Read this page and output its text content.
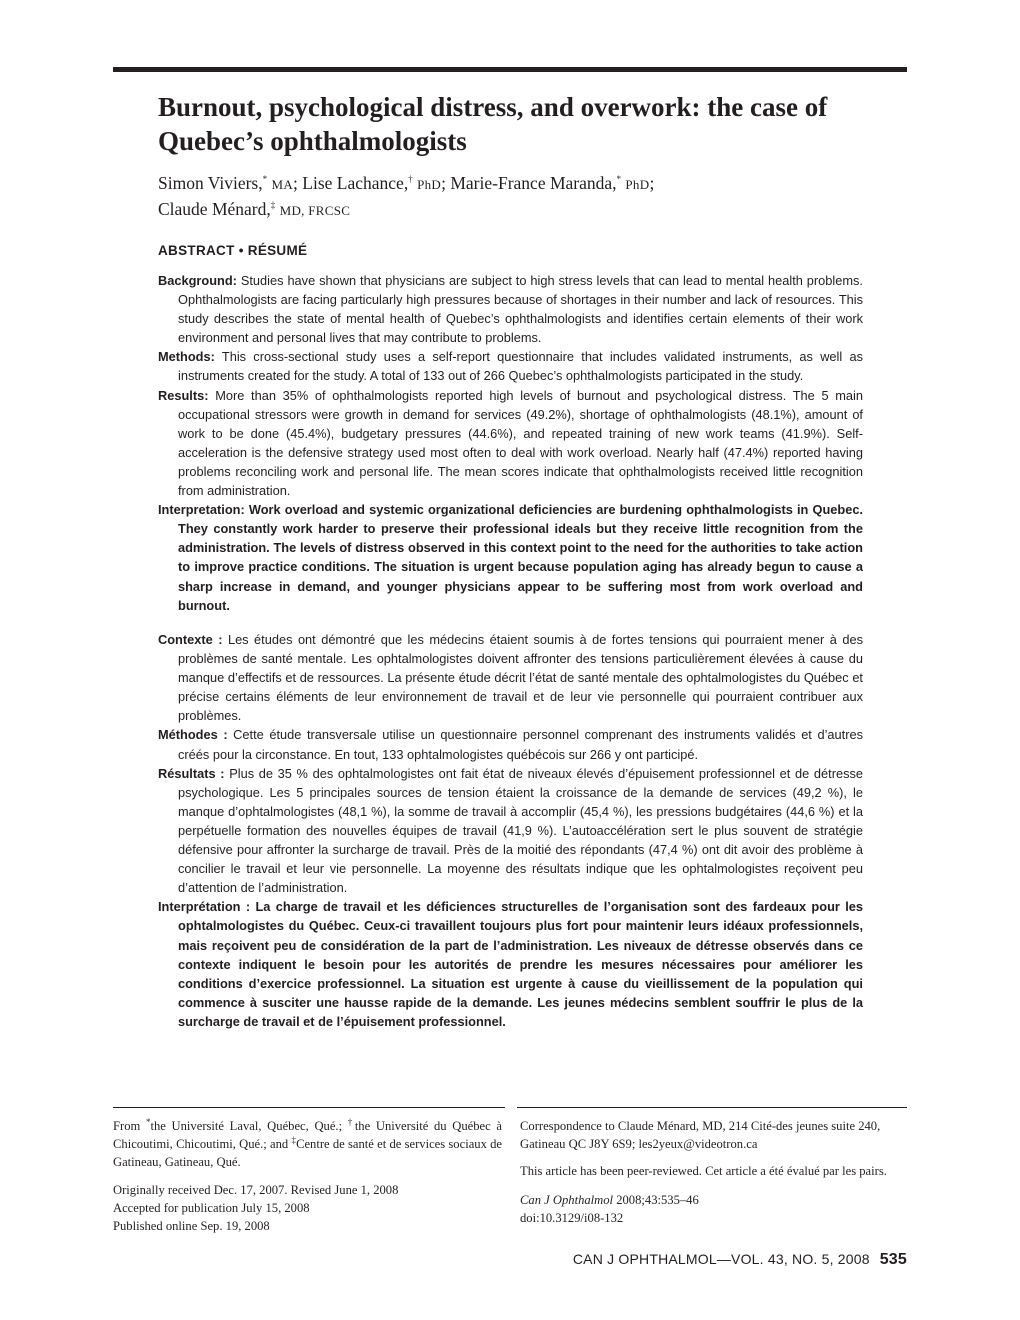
Burnout, psychological distress, and overwork: the case of Quebec’s ophthalmologists
Simon Viviers,* MA; Lise Lachance,† PhD; Marie-France Maranda,* PhD;
Claude Ménard,‡ MD, FRCSC
ABSTRACT • RÉSUMÉ

Background: Studies have shown that physicians are subject to high stress levels that can lead to mental health problems. Ophthalmologists are facing particularly high pressures because of shortages in their number and lack of resources. This study describes the state of mental health of Quebec’s ophthalmologists and identifies certain elements of their work environment and personal lives that may contribute to problems.

Methods: This cross-sectional study uses a self-report questionnaire that includes validated instruments, as well as instruments created for the study. A total of 133 out of 266 Quebec’s ophthalmologists participated in the study.

Results: More than 35% of ophthalmologists reported high levels of burnout and psychological distress. The 5 main occupational stressors were growth in demand for services (49.2%), shortage of ophthalmologists (48.1%), amount of work to be done (45.4%), budgetary pressures (44.6%), and repeated training of new work teams (41.9%). Self-acceleration is the defensive strategy used most often to deal with work overload. Nearly half (47.4%) reported having problems reconciling work and personal life. The mean scores indicate that ophthalmologists received little recognition from administration.

Interpretation: Work overload and systemic organizational deficiencies are burdening ophthalmologists in Quebec. They constantly work harder to preserve their professional ideals but they receive little recognition from the administration. The levels of distress observed in this context point to the need for the authorities to take action to improve practice conditions. The situation is urgent because population aging has already begun to cause a sharp increase in demand, and younger physicians appear to be suffering most from work overload and burnout.

Contexte : Les études ont démontré que les médecins étaient soumis à de fortes tensions qui pourraient mener à des problèmes de santé mentale. Les ophtalmologistes doivent affronter des tensions particulièrement élevées à cause du manque d’effectifs et de ressources. La présente étude décrit l’état de santé mentale des ophtalmologistes du Québec et précise certains éléments de leur environnement de travail et de leur vie personnelle qui pourraient contribuer aux problèmes.

Méthodes : Cette étude transversale utilise un questionnaire personnel comprenant des instruments validés et d’autres créés pour la circonstance. En tout, 133 ophtalmologistes québécois sur 266 y ont participé.

Résultats : Plus de 35 % des ophtalmologistes ont fait état de niveaux élevés d’épuisement professionnel et de détresse psychologique. Les 5 principales sources de tension étaient la croissance de la demande de services (49,2 %), le manque d’ophtalmologistes (48,1 %), la somme de travail à accomplir (45,4 %), les pressions budgétaires (44,6 %) et la perpétuelle formation des nouvelles équipes de travail (41,9 %). L’autoaccélération sert le plus souvent de stratégie défensive pour affronter la surcharge de travail. Près de la moitié des répondants (47,4 %) ont dit avoir des problème à concilier le travail et leur vie personnelle. La moyenne des résultats indique que les ophtalmologistes reçoivent peu d’attention de l’administration.

Interprétation : La charge de travail et les déficiences structurelles de l’organisation sont des fardeaux pour les ophtalmologistes du Québec. Ceux-ci travaillent toujours plus fort pour maintenir leurs idéaux professionnels, mais reçoivent peu de considération de la part de l’administration. Les niveaux de détresse observés dans ce contexte indiquent le besoin pour les autorités de prendre les mesures nécessaires pour améliorer les conditions d’exercice professionnel. La situation est urgente à cause du vieillissement de la population qui commence à susciter une hausse rapide de la demande. Les jeunes médecins semblent souffrir le plus de la surcharge de travail et de l’épuisement professionnel.

From *the Université Laval, Québec, Qué.; †the Université du Québec à Chicoutimi, Chicoutimi, Qué.; and ‡Centre de santé et de services sociaux de Gatineau, Gatineau, Qué.

Originally received Dec. 17, 2007. Revised June 1, 2008

Accepted for publication July 15, 2008

Published online Sep. 19, 2008

Correspondence to Claude Ménard, MD, 214 Cité-des jeunes suite 240, Gatineau QC J8Y 6S9; les2yeux@videotron.ca
This article has been peer-reviewed. Cet article a été évalué par les pairs.

Can J Ophthalmol 2008;43:535–46

doi:10.3129/i08-132

CAN J OPHTHALMOL—VOL. 43, NO. 5, 2008 535
